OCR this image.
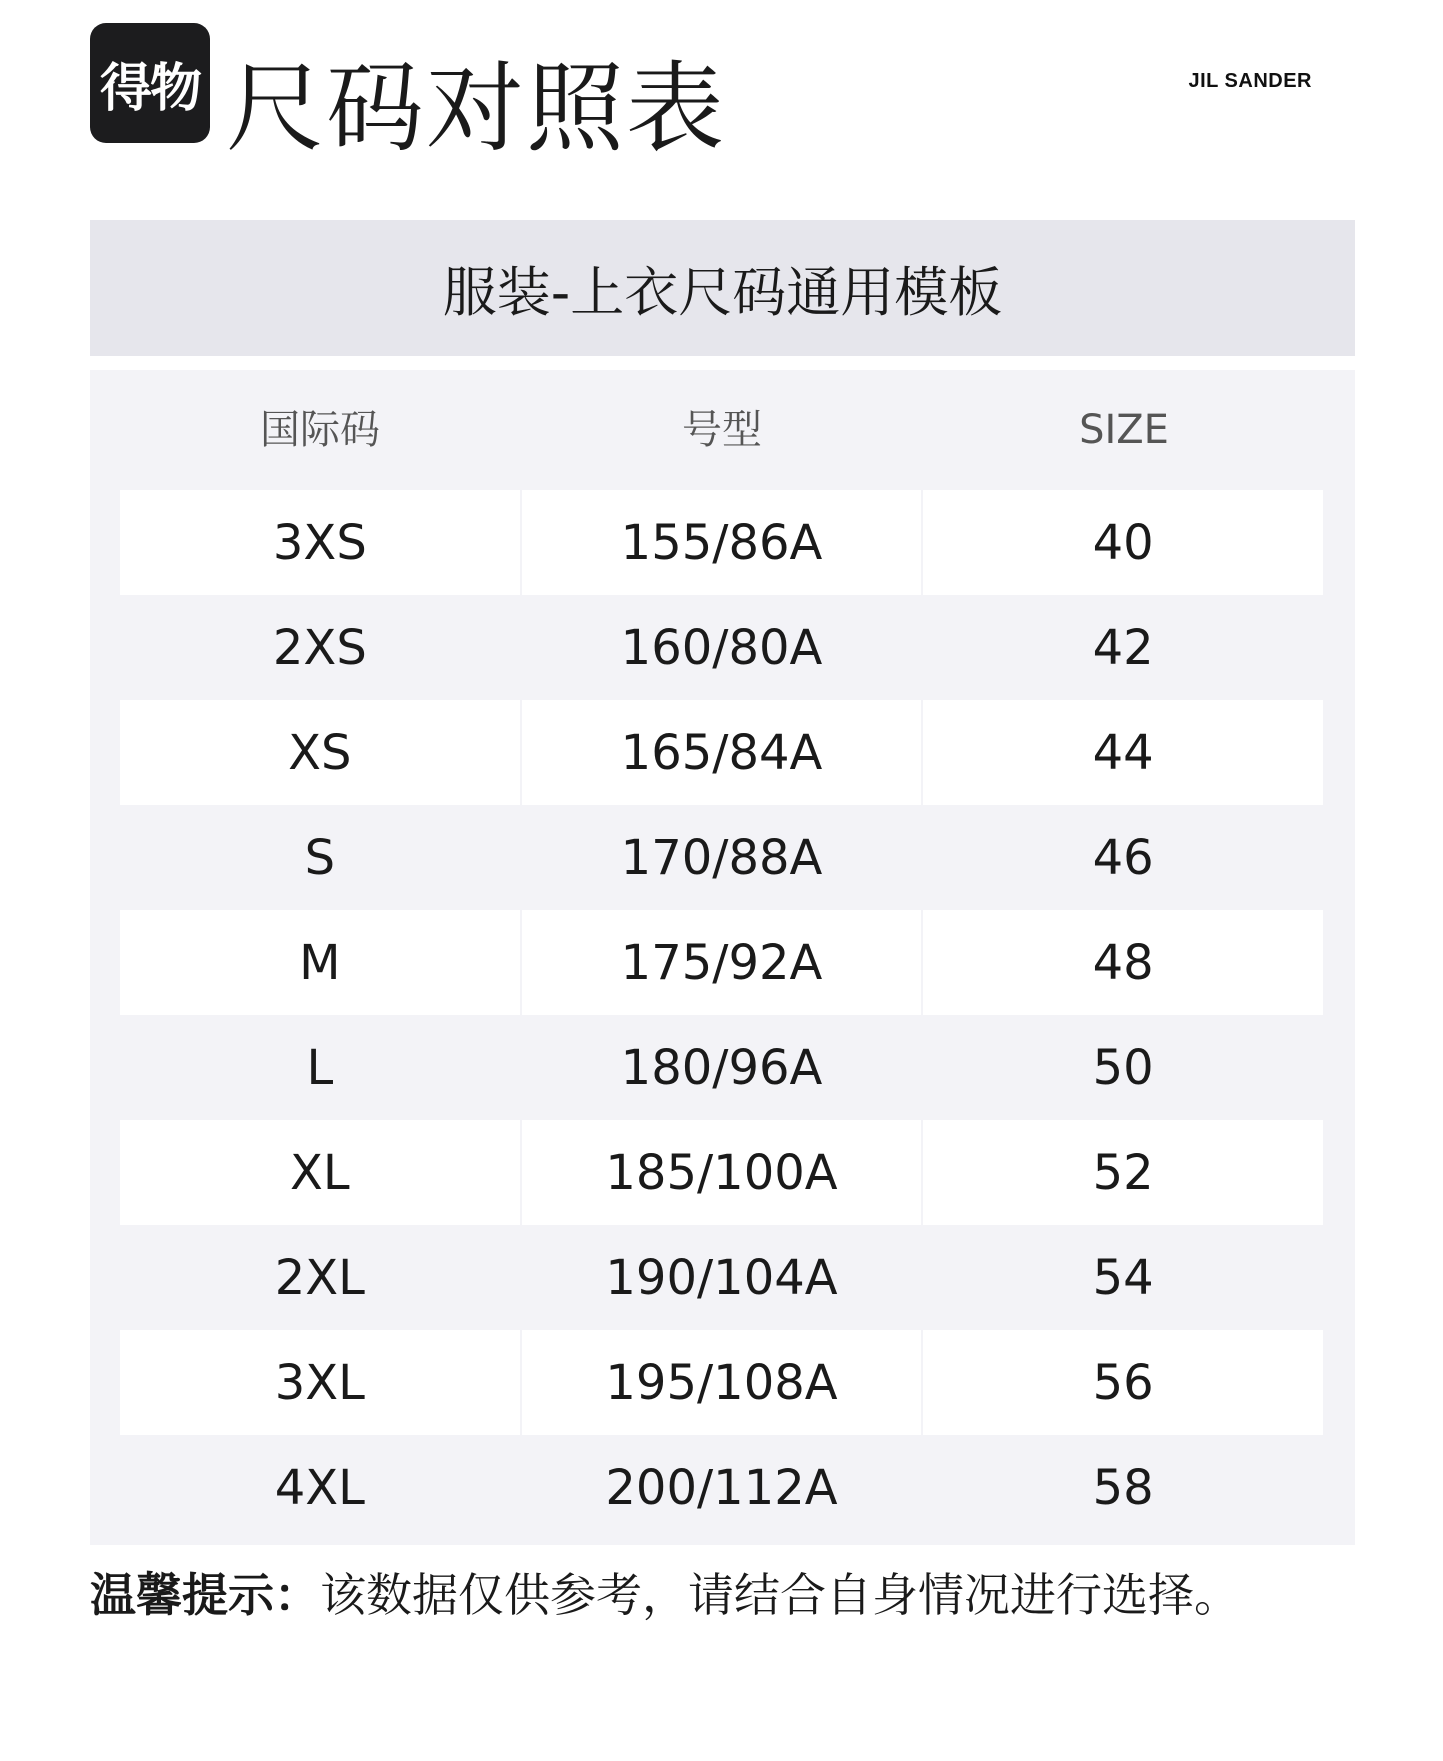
得物 尺码对照表	JIL SANDER
服装-上衣尺码通用模板
国际码	号型	SIZE
3XS	155/86A	40
2XS	160/80A	42
XS	165/84A	44
S	170/88A	46
M	175/92A	48
L	180/96A	50
XL	185/100A	52
2XL	190/104A	54
3XL	195/108A	56
4XL	200/112A	58
温馨提示：该数据仅供参考，请结合自身情况进行选择。
